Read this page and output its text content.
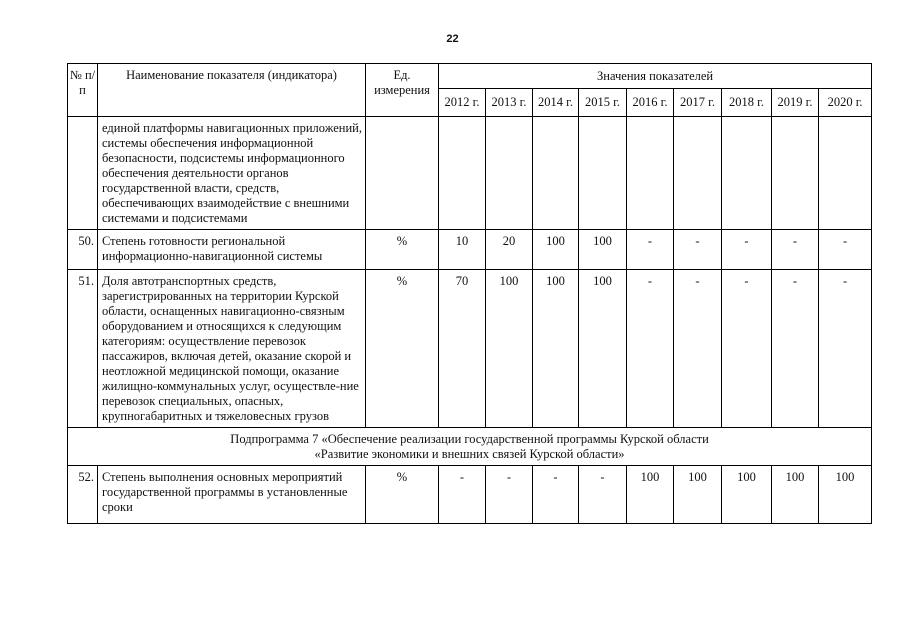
22
№ п/п	Наименование показателя (индикатора)	Ед. измерения	Значения показателей								
			2012 г.	2013 г.	2014 г.	2015 г.	2016 г.	2017 г.	2018 г.	2019 г.	2020 г.
	единой платформы навигационных приложений, системы обеспечения информационной безопасности, подсистемы информационного обеспечения деятельности органов государственной власти, средств, обеспечивающих взаимодействие с внешними системами и подсистемами										
50.	Степень готовности региональной информационно-навигационной системы	%	10	20	100	100	-	-	-	-	-
51.	Доля автотранспортных средств, зарегистрированных на территории Курской области, оснащенных навигационно-связным оборудованием и относящихся к следующим категориям: осуществление перевозок пассажиров, включая детей, оказание скорой и неотложной медицинской помощи, оказание жилищно-коммунальных услуг, осуществле-ние перевозок специальных, опасных, крупногабаритных и тяжеловесных грузов	%	70	100	100	100	-	-	-	-	-

Подпрограмма 7 «Обеспечение реализации государственной программы Курской области
«Развитие экономики и внешних связей Курской области»											

52.	Степень выполнения основных мероприятий государственной программы в установленные сроки	%	-	-	-	-	100	100	100	100	100
